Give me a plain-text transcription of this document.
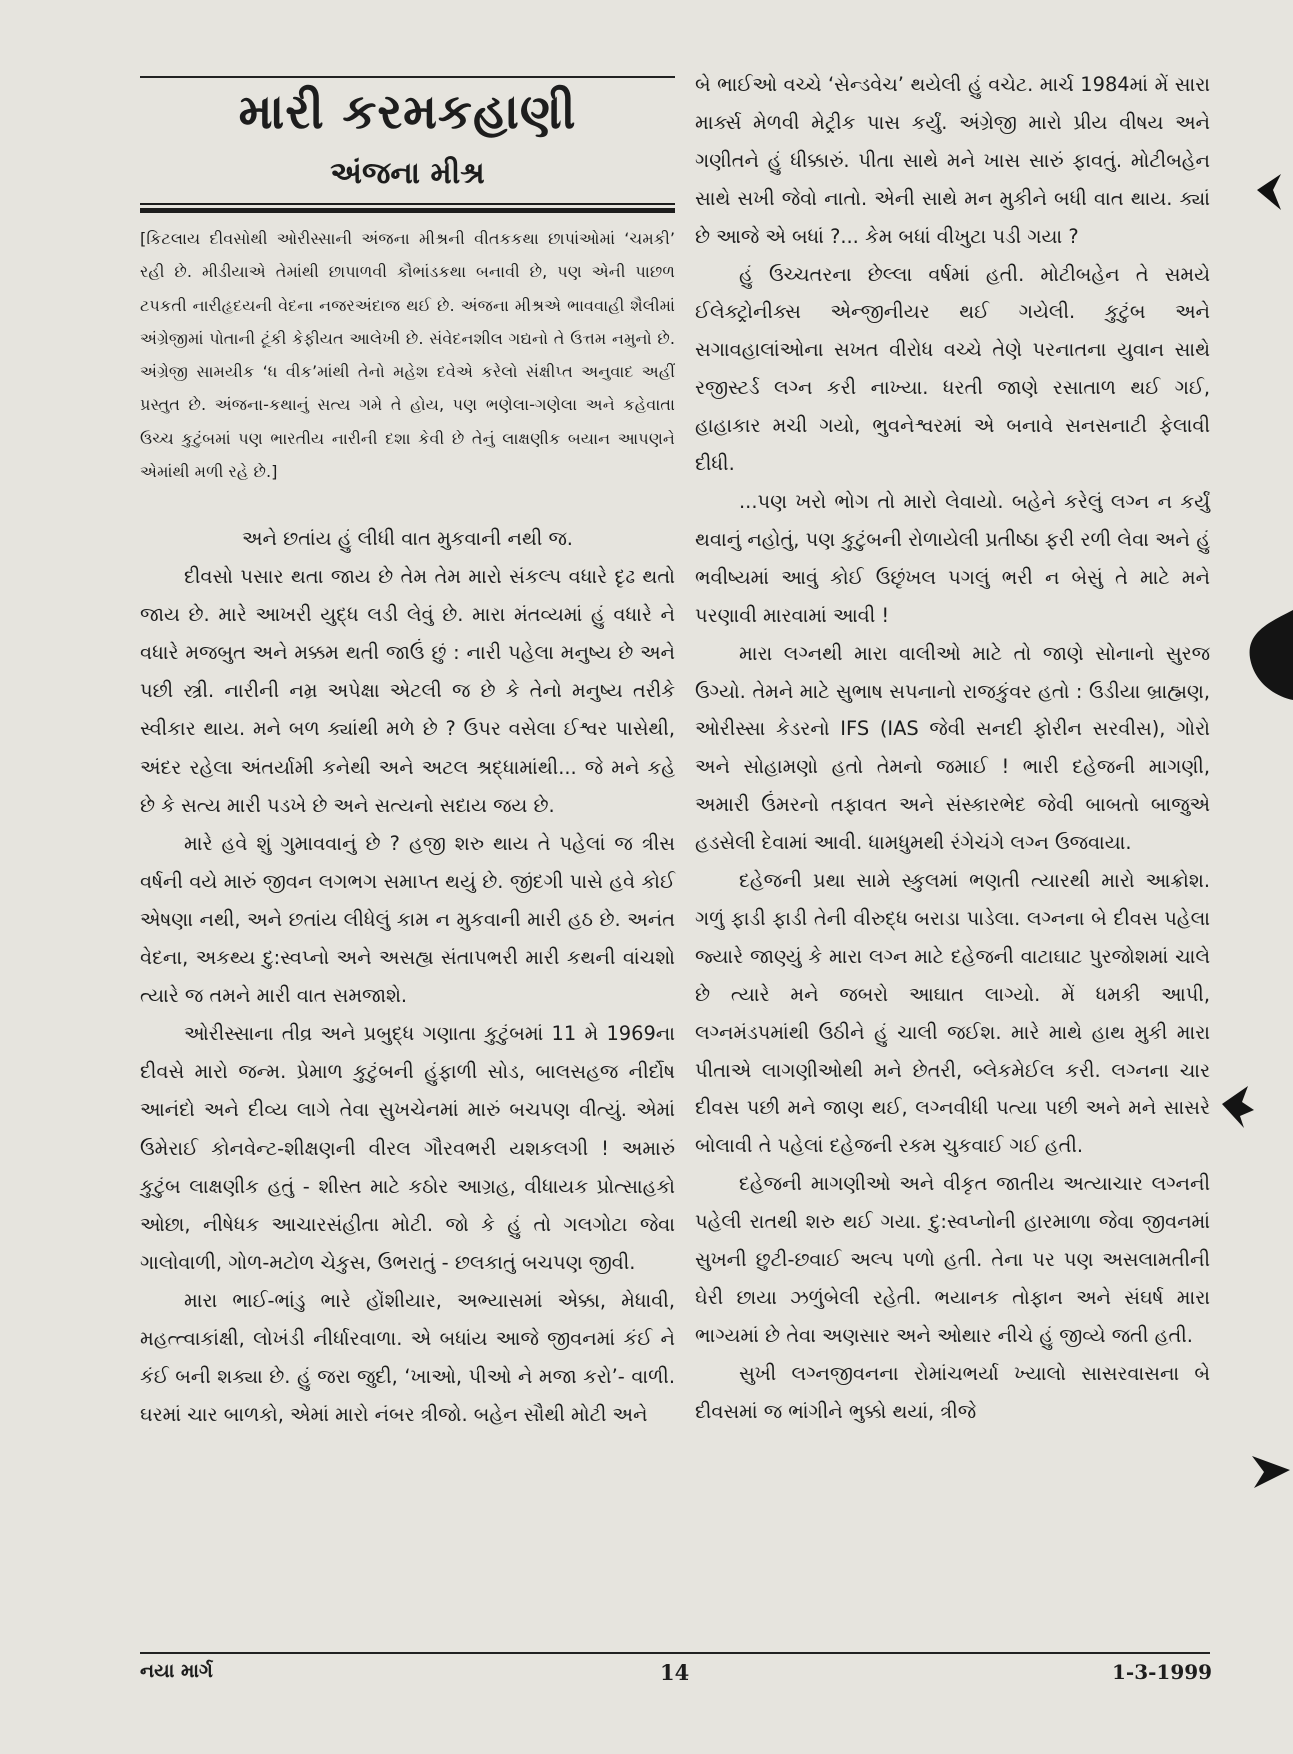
મારી કરમકહાણી
અંજના મીશ્ર

[કિટલાય દીવસોથી ઓરીસ્સાની અંજના મીશ્રની વીતકકથા છાપાંઓમાં ‘ચમકી’ રહી છે. મીડીયાએ તેમાંથી છાપાળવી કૌભાંડકથા બનાવી છે, પણ એની પાછળ ટપકતી નારીહૃદયની વેદના નજરઅંદાજ થઈ છે. અંજના મીશ્રએ ભાવવાહી શૈલીમાં અંગ્રેજીમાં પોતાની ટૂંકી કેફીયત આલેખી છે. સંવેદનશીલ ગદ્યનો તે ઉત્તમ નમુનો છે. અંગ્રેજી સામયીક ‘ધ વીક’માંથી તેનો મહેશ દવેએ કરેલો સંક્ષીપ્ત અનુવાદ અહીં પ્રસ્તુત છે. અંજના-કથાનું સત્ય ગમે તે હોય, પણ ભણેલા-ગણેલા અને કહેવાતા ઉચ્ચ કુટુંબમાં પણ ભારતીય નારીની દશા કેવી છે તેનું લાક્ષણીક બયાન આપણને એમાંથી મળી રહે છે.]

અને છતાંય હું લીધી વાત મુકવાની નથી જ.

દીવસો પસાર થતા જાય છે તેમ તેમ મારો સંકલ્પ વધારે દૃઢ થતો જાય છે. મારે આખરી યુદ્ધ લડી લેવું છે. મારા મંતવ્યમાં હું વધારે ને વધારે મજબુત અને મક્કમ થતી જાઉં છું : નારી પહેલા મનુષ્ય છે અને પછી સ્ત્રી. નારીની નમ્ર અપેક્ષા એટલી જ છે કે તેનો મનુષ્ય તરીકે સ્વીકાર થાય. મને બળ ક્યાંથી મળે છે ? ઉપર વસેલા ઈશ્વર પાસેથી, અંદર રહેલા અંતર્યામી કનેથી અને અટલ શ્રદ્ધામાંથી... જે મને કહે છે કે સત્ય મારી પડખે છે અને સત્યનો સદાય જય છે.

મારે હવે શું ગુમાવવાનું છે ? હજી શરુ થાય તે પહેલાં જ ત્રીસ વર્ષની વયે મારું જીવન લગભગ સમાપ્ત થયું છે. જીંદગી પાસે હવે કોઈ એષણા નથી, અને છતાંય લીધેલું કામ ન મુકવાની મારી હઠ છે. અનંત વેદના, અકથ્ય દુ:સ્વપ્નો અને અસહ્ય સંતાપભરી મારી કથની વાંચશો ત્યારે જ તમને મારી વાત સમજાશે.

ઓરીસ્સાના તીવ્ર અને પ્રબુદ્ધ ગણાતા કુટુંબમાં 11 મે 1969ના દીવસે મારો જન્મ. પ્રેમાળ કુટુંબની હુંફાળી સોડ, બાલસહજ નીર્દોષ આનંદો અને દીવ્ય લાગે તેવા સુખચેનમાં મારું બચપણ વીત્યું. એમાં ઉમેરાઈ કોનવેન્ટ-શીક્ષણની વીરલ ગૌરવભરી યશકલગી ! અમારું કુટુંબ લાક્ષણીક હતું - શીસ્ત માટે કઠોર આગ્રહ, વીધાયક પ્રોત્સાહકો ઓછા, નીષેધક આચારસંહીતા મોટી. જો કે હું તો ગલગોટા જેવા ગાલોવાળી, ગોળ-મટોળ ચેકુસ, ઉભરાતું - છલકાતું બચપણ જીવી.

મારા ભાઈ-ભાંડુ ભારે હોંશીયાર, અભ્યાસમાં એક્કા, મેધાવી, મહત્ત્વાકાંક્ષી, લોખંડી નીર્ધારવાળા. એ બધાંય આજે જીવનમાં કંઈ ને કંઈ બની શક્યા છે. હું જરા જુદી, ‘ખાઓ, પીઓ ને મજા કરો’- વાળી. ઘરમાં ચાર બાળકો, એમાં મારો નંબર ત્રીજો. બહેન સૌથી મોટી અને

બે ભાઈઓ વચ્ચે ‘સેન્ડવેચ’ થયેલી હું વચેટ. માર્ચ 1984માં મેં સારા માર્ક્સ મેળવી મેટ્રીક પાસ કર્યું. અંગ્રેજી મારો પ્રીય વીષય અને ગણીતને હું ધીક્કારું. પીતા સાથે મને ખાસ સારું ફાવતું. મોટીબહેન સાથે સખી જેવો નાતો. એની સાથે મન મુકીને બધી વાત થાય. ક્યાં છે આજે એ બધાં ?... કેમ બધાં વીખુટા પડી ગયા ?

હું ઉચ્ચતરના છેલ્લા વર્ષમાં હતી. મોટીબહેન તે સમયે ઈલેક્ટ્રોનીક્સ એન્જીનીયર થઈ ગયેલી. કુટુંબ અને સગાવહાલાંઓના સખત વીરોધ વચ્ચે તેણે પરનાતના યુવાન સાથે રજીસ્ટર્ડ લગ્ન કરી નાખ્યા. ધરતી જાણે રસાતાળ થઈ ગઈ, હાહાકાર મચી ગયો, ભુવનેશ્વરમાં એ બનાવે સનસનાટી ફેલાવી દીધી.

...પણ ખરો ભોગ તો મારો લેવાયો. બહેને કરેલું લગ્ન ન કર્યું થવાનું નહોતું, પણ કુટુંબની રોળાયેલી પ્રતીષ્ઠા ફરી રળી લેવા અને હું ભવીષ્યમાં આવું કોઈ ઉછૃંખલ પગલું ભરી ન બેસું તે માટે મને પરણાવી મારવામાં આવી !

મારા લગ્નથી મારા વાલીઓ માટે તો જાણે સોનાનો સુરજ ઉગ્યો. તેમને માટે સુભાષ સપનાનો રાજકુંવર હતો : ઉડીયા બ્રાહ્મણ, ઓરીસ્સા કેડરનો IFS (IAS જેવી સનદી ફોરીન સરવીસ), ગોરો અને સોહામણો હતો તેમનો જમાઈ ! ભારી દહેજની માગણી, અમારી ઉંમરનો તફાવત અને સંસ્કારભેદ જેવી બાબતો બાજુએ હડસેલી દેવામાં આવી. ધામધુમથી રંગેચંગે લગ્ન ઉજવાયા.

દહેજની પ્રથા સામે સ્કુલમાં ભણતી ત્યારથી મારો આક્રોશ. ગળું ફાડી ફાડી તેની વીરુદ્ધ બરાડા પાડેલા. લગ્નના બે દીવસ પહેલા જ્યારે જાણ્યું કે મારા લગ્ન માટે દહેજની વાટાઘાટ પુરજોશમાં ચાલે છે ત્યારે મને જબરો આઘાત લાગ્યો. મેં ધમકી આપી, લગ્નમંડપમાંથી ઉઠીને હું ચાલી જઈશ. મારે માથે હાથ મુકી મારા પીતાએ લાગણીઓથી મને છેતરી, બ્લેકમેઈલ કરી. લગ્નના ચાર દીવસ પછી મને જાણ થઈ, લગ્નવીધી પત્યા પછી અને મને સાસરે બોલાવી તે પહેલાં દહેજની રકમ ચુકવાઈ ગઈ હતી.

દહેજની માગણીઓ અને વીકૃત જાતીય અત્યાચાર લગ્નની પહેલી રાતથી શરુ થઈ ગયા. દુ:સ્વપ્નોની હારમાળા જેવા જીવનમાં સુખની છુટી-છવાઈ અલ્પ પળો હતી. તેના પર પણ અસલામતીની ઘેરી છાયા ઝળુંબેલી રહેતી. ભયાનક તોફાન અને સંઘર્ષ મારા ભાગ્યમાં છે તેવા અણસાર અને ઓથાર નીચે હું જીવ્યે જતી હતી.

સુખી લગ્નજીવનના રોમાંચભર્યા ખ્યાલો સાસરવાસના બે દીવસમાં જ ભાંગીને ભુક્કો થયાં, ત્રીજે

નયા માર્ગ	14	1-3-1999
